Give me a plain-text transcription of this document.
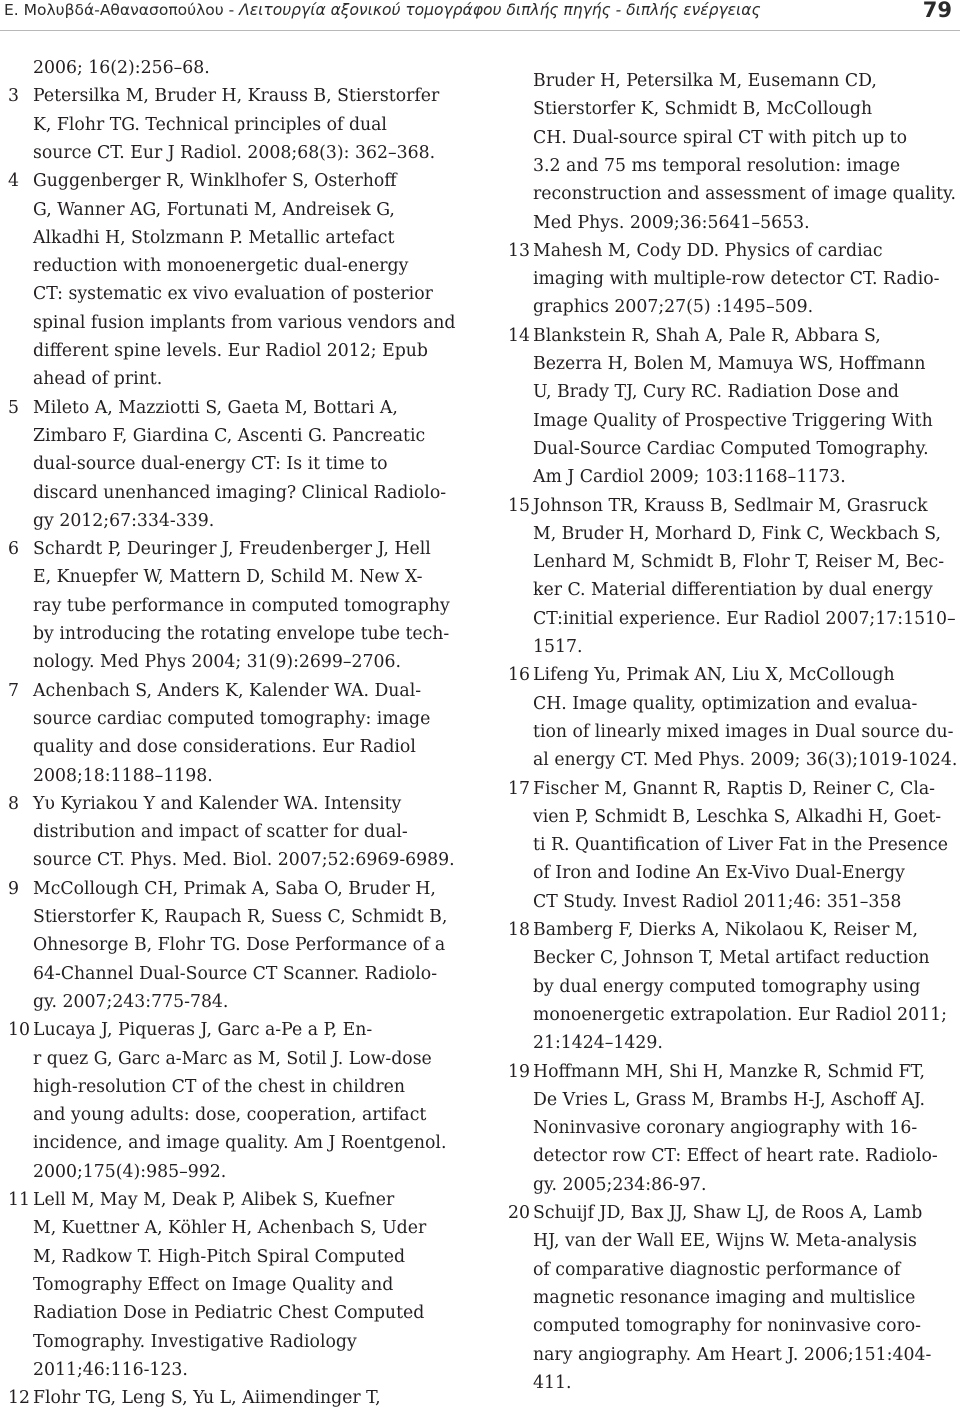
Ε. Μολυβδά-Αθανασοπούλου - Λειτουργία αξονικού τομογράφου διπλής πηγής - διπλής ενέργειας	79
2006; 16(2):256–68.
3 Petersilka M, Bruder H, Krauss B, Stierstorfer
K, Flohr TG. Technical principles of dual
source CT. Eur J Radiol. 2008;68(3): 362–368.
4 Guggenberger R, Winklhofer S, Osterhoff
G, Wanner AG, Fortunati M, Andreisek G,
Alkadhi H, Stolzmann P. Metallic artefact
reduction with monoenergetic dual-energy
CT: systematic ex vivo evaluation of posterior
spinal fusion implants from various vendors and
different spine levels. Eur Radiol 2012; Epub
ahead of print.
5 Mileto A, Mazziotti S, Gaeta M, Bottari A,
Zimbaro F, Giardina C, Ascenti G. Pancreatic
dual-source dual-energy CT: Is it time to
discard unenhanced imaging? Clinical Radiolo-
gy 2012;67:334-339.
6 Schardt P, Deuringer J, Freudenberger J, Hell
E, Knuepfer W, Mattern D, Schild M. New X-
ray tube performance in computed tomography
by introducing the rotating envelope tube tech-
nology. Med Phys 2004; 31(9):2699–2706.
7 Achenbach S, Anders K, Kalender WA. Dual-
source cardiac computed tomography: image
quality and dose considerations. Eur Radiol
2008;18:1188–1198.
8 Yυ Kyriakou Y and Kalender WA. Intensity
distribution and impact of scatter for dual-
source CT. Phys. Med. Biol. 2007;52:6969-6989.
9 McCollough CH, Primak A, Saba O, Bruder H,
Stierstorfer K, Raupach R, Suess C, Schmidt B,
Ohnesorge B, Flohr TG. Dose Performance of a
64-Channel Dual-Source CT Scanner. Radiolo-
gy. 2007;243:775-784.
10 Lucaya J, Piqueras J, Garc a-Pe a P, En-
r quez G, Garc a-Marc as M, Sotil J. Low-dose
high-resolution CT of the chest in children
and young adults: dose, cooperation, artifact
incidence, and image quality. Am J Roentgenol.
2000;175(4):985–992.
11 Lell M, May M, Deak P, Alibek S, Kuefner
M, Kuettner A, Köhler H, Achenbach S, Uder
M, Radkow T. High-Pitch Spiral Computed
Tomography Effect on Image Quality and
Radiation Dose in Pediatric Chest Computed
Tomography. Investigative Radiology
2011;46:116-123.
12 Flohr TG, Leng S, Yu L, Aiimendinger T,
Bruder H, Petersilka M, Eusemann CD,
Stierstorfer K, Schmidt B, McCollough
CH. Dual-source spiral CT with pitch up to
3.2 and 75 ms temporal resolution: image
reconstruction and assessment of image quality.
Med Phys. 2009;36:5641–5653.
13 Mahesh M, Cody DD. Physics of cardiac
imaging with multiple-row detector CT. Radio-
graphics 2007;27(5) :1495–509.
14 Blankstein R, Shah A, Pale R, Abbara S,
Bezerra H, Bolen M, Mamuya WS, Hoffmann
U, Brady TJ, Cury RC. Radiation Dose and
Image Quality of Prospective Triggering With
Dual-Source Cardiac Computed Tomography.
Am J Cardiol 2009; 103:1168–1173.
15 Johnson TR, Krauss B, Sedlmair M, Grasruck
M, Bruder H, Morhard D, Fink C, Weckbach S,
Lenhard M, Schmidt B, Flohr T, Reiser M, Bec-
ker C. Material differentiation by dual energy
CT:initial experience. Eur Radiol 2007;17:1510–
1517.
16 Lifeng Yu, Primak AN, Liu X, McCollough
CH. Image quality, optimization and evalua-
tion of linearly mixed images in Dual source du-
al energy CT. Med Phys. 2009; 36(3);1019-1024.
17 Fischer M, Gnannt R, Raptis D, Reiner C, Cla-
vien P, Schmidt B, Leschka S, Alkadhi H, Goet-
ti R. Quantification of Liver Fat in the Presence
of Iron and Iodine An Ex-Vivo Dual-Energy
CT Study. Invest Radiol 2011;46: 351–358
18 Bamberg F, Dierks A, Nikolaou K, Reiser M,
Becker C, Johnson T, Metal artifact reduction
by dual energy computed tomography using
monoenergetic extrapolation. Eur Radiol 2011;
21:1424–1429.
19 Hoffmann MH, Shi H, Manzke R, Schmid FT,
De Vries L, Grass M, Brambs H-J, Aschoff AJ.
Noninvasive coronary angiography with 16-
detector row CT: Effect of heart rate. Radiolo-
gy. 2005;234:86-97.
20 Schuijf JD, Bax JJ, Shaw LJ, de Roos A, Lamb
HJ, van der Wall EE, Wijns W. Meta-analysis
of comparative diagnostic performance of
magnetic resonance imaging and multislice
computed tomography for noninvasive coro-
nary angiography. Am Heart J. 2006;151:404-
411.
